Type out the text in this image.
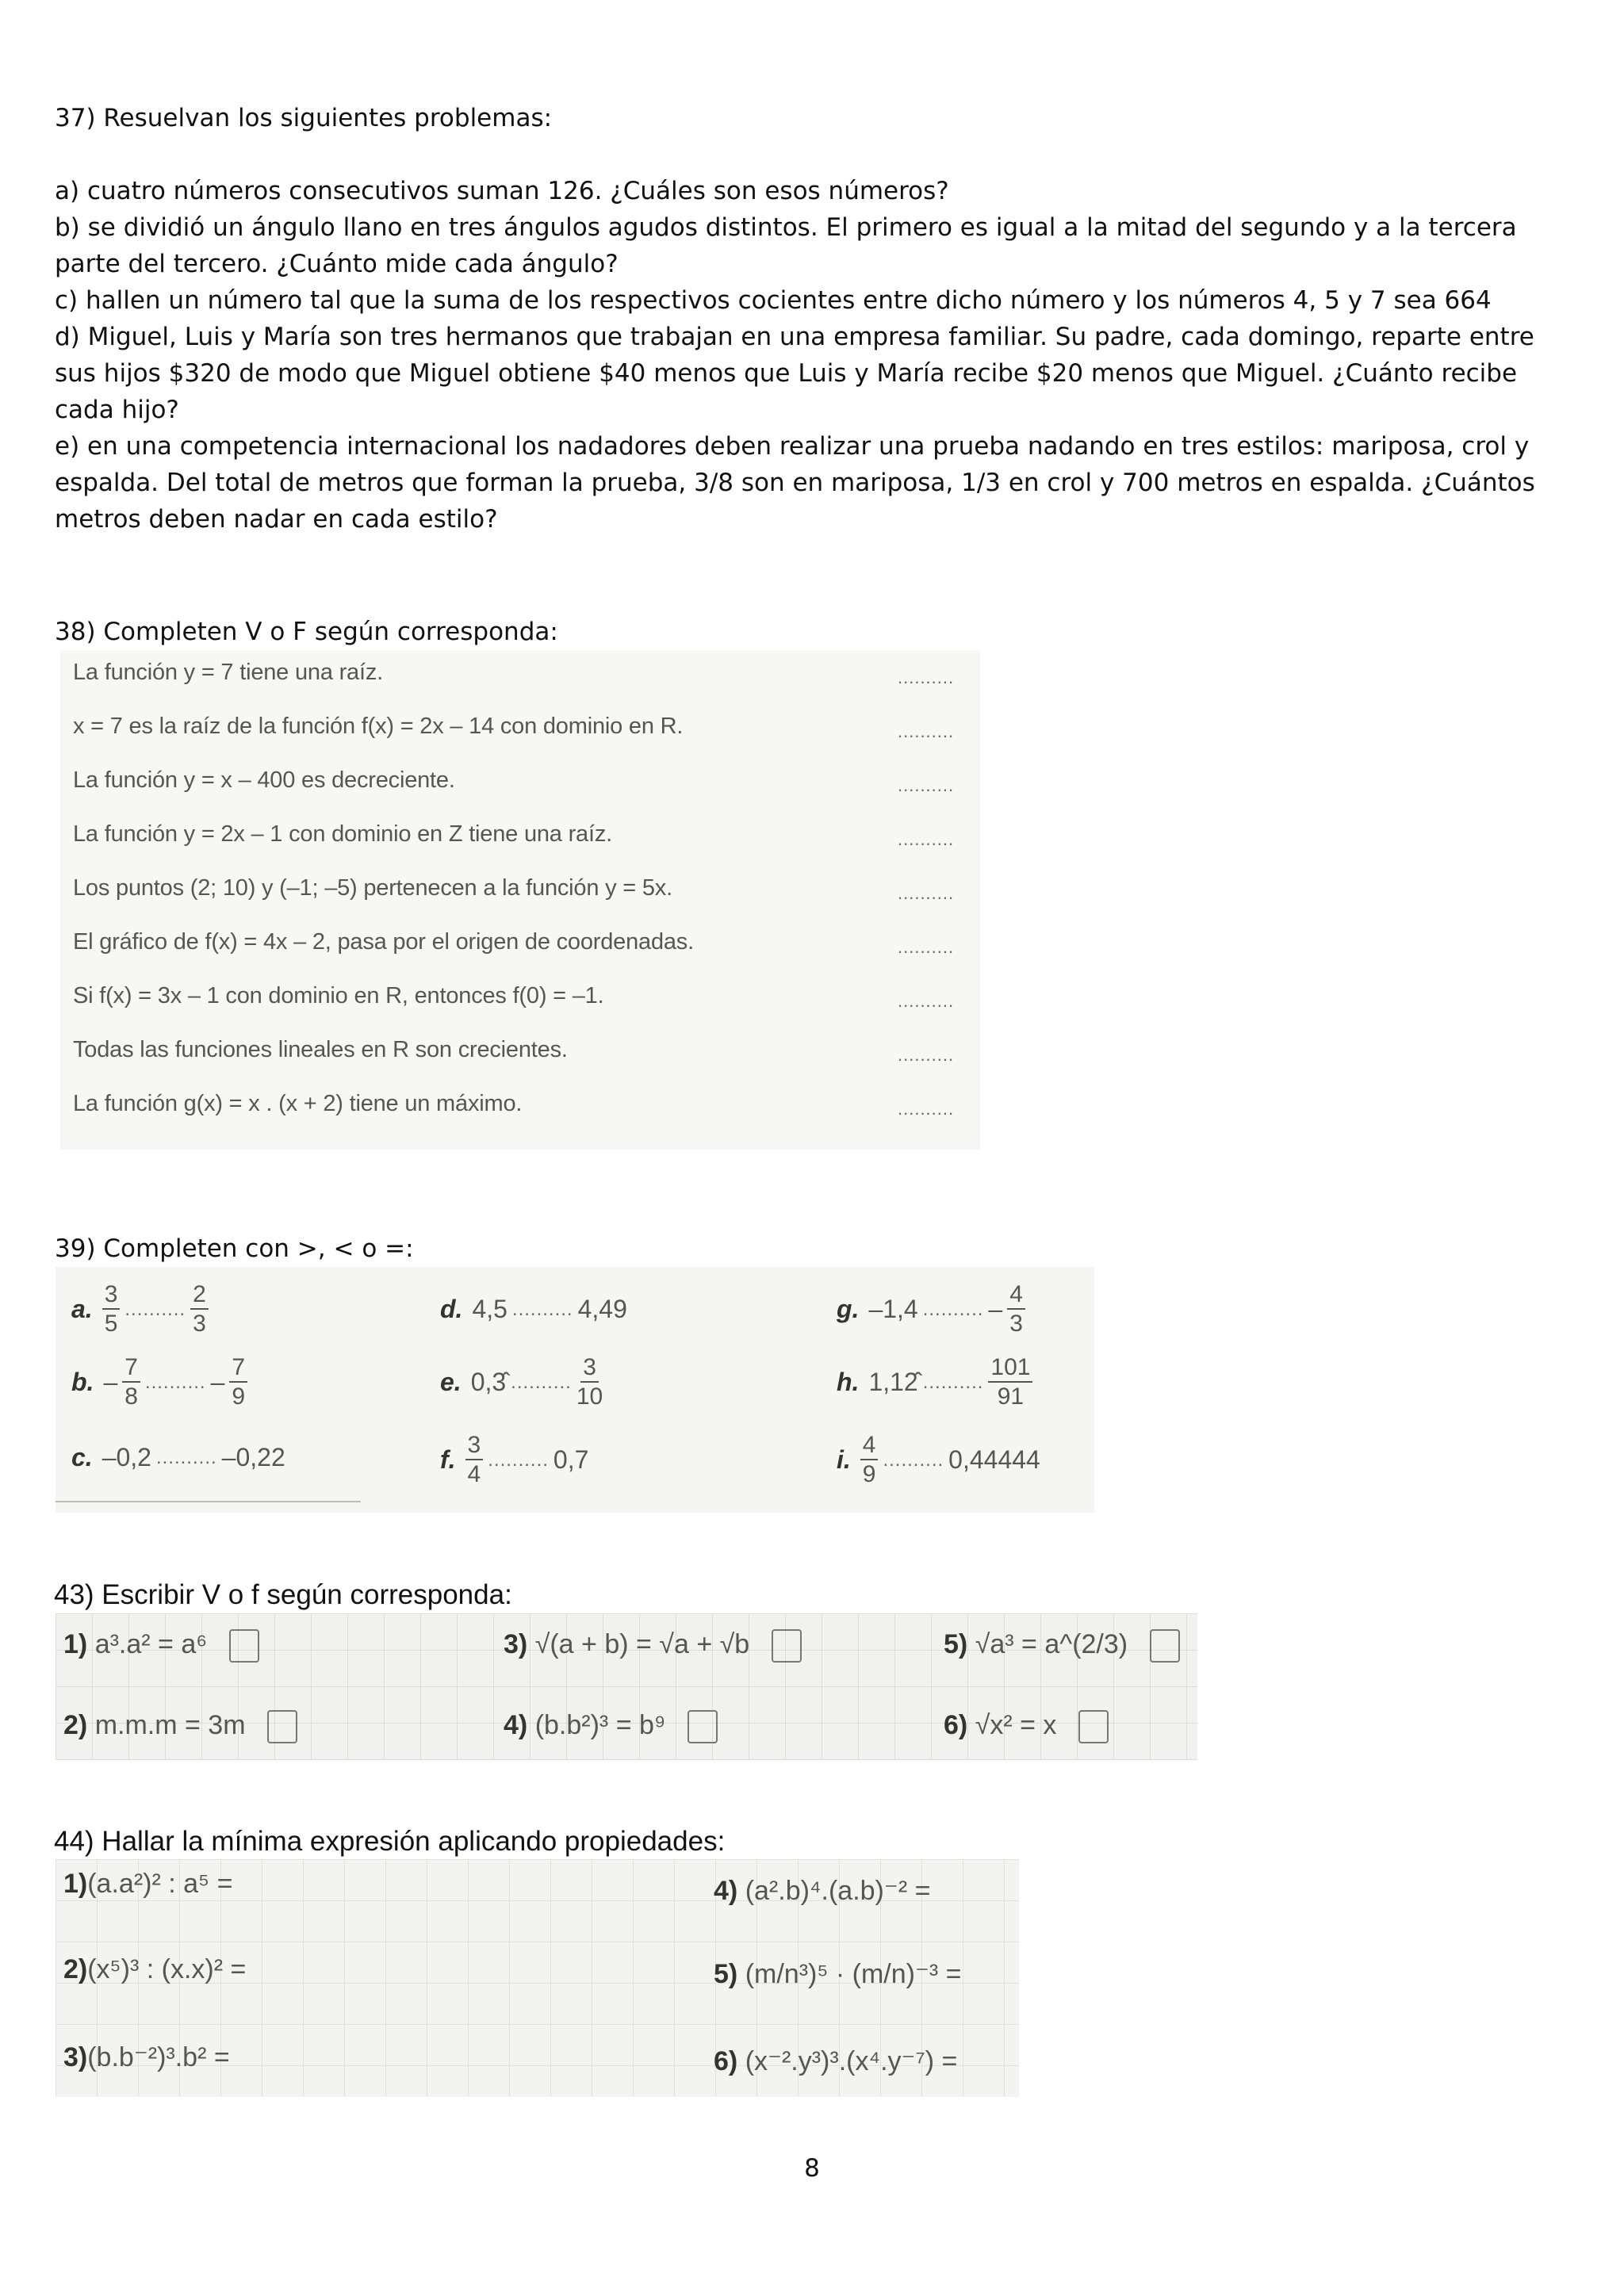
37) Resuelvan los siguientes problemas:

a) cuatro números consecutivos suman 126. ¿Cuáles son esos números?

b) se dividió un ángulo llano en tres ángulos agudos distintos. El primero es igual a la mitad del segundo y a la tercera parte del tercero. ¿Cuánto mide cada ángulo?

c) hallen un número tal que la suma de los respectivos cocientes entre dicho número y los números 4, 5 y 7 sea 664

d) Miguel, Luis y María son tres hermanos que trabajan en una empresa familiar. Su padre, cada domingo, reparte entre sus hijos $320 de modo que Miguel obtiene $40 menos que Luis y María recibe $20 menos que Miguel. ¿Cuánto recibe cada hijo?

e) en una competencia internacional los nadadores deben realizar una prueba nadando en tres estilos: mariposa, crol y espalda. Del total de metros que forman la prueba, 3/8 son en mariposa, 1/3 en crol y 700 metros en espalda. ¿Cuántos metros deben nadar en cada estilo?

38) Completen V o F según corresponda:
La función y = 7 tiene una raíz.	..........
x = 7 es la raíz de la función f(x) = 2x – 14 con dominio en R.	..........
La función y = x – 400 es decreciente.	..........
La función y = 2x – 1 con dominio en Z tiene una raíz.	..........
Los puntos (2; 10) y (–1; –5) pertenecen a la función y = 5x.	..........
El gráfico de f(x) = 4x – 2, pasa por el origen de coordenadas.	..........
Si f(x) = 3x – 1 con dominio en R, entonces f(0) = –1.	..........
Todas las funciones lineales en R son crecientes.	..........
La función g(x) = x . (x + 2) tiene un máximo.	..........
39) Completen con >, < o =:
a. $\frac{3}{5}$ .......... $\frac{2}{3}$
b. – $\frac{7}{8}$ .......... – $\frac{7}{9}$
c. –0,2 .......... –0,22
d. 4,5 .......... 4,49
e. 0,3̂ .......... $\frac{3}{10}$
f. $\frac{3}{4}$ .......... 0,7
g. –1,4 .......... – $\frac{4}{3}$
h. 1,12̂ .......... $\frac{101}{91}$
i. $\frac{4}{9}$ .......... 0,44444
43) Escribir V o f según corresponda:
1) a³.a² = a⁶
2) m.m.m = 3m
3) √(a + b) = √a + √b
4) (b.b²)³ = b⁹
5) √a³ = a^(2/3)
6) √x² = x
44) Hallar la mínima expresión aplicando propiedades:
1)(a.a²)² : a⁵ =
2)(x⁵)³ : (x.x)² =
3)(b.b⁻²)³.b² =
4) (a².b)⁴.(a.b)⁻² =
5) (m/n³)⁵ · (m/n)⁻³ =
6) (x⁻².y³)³.(x⁴.y⁻⁷) =
8
